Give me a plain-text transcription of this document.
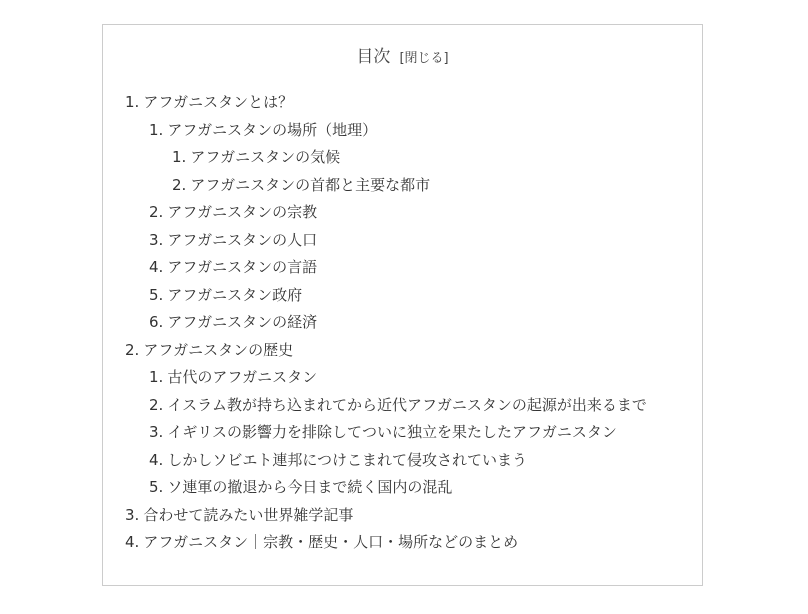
目次 [閉じる]
1. アフガニスタンとは？
1. アフガニスタンの場所（地理）
1. アフガニスタンの気候
2. アフガニスタンの首都と主要な都市
2. アフガニスタンの宗教
3. アフガニスタンの人口
4. アフガニスタンの言語
5. アフガニスタン政府
6. アフガニスタンの経済
2. アフガニスタンの歴史
1. 古代のアフガニスタン
2. イスラム教が持ち込まれてから近代アフガニスタンの起源が出来るまで
3. イギリスの影響力を排除してついに独立を果たしたアフガニスタン
4. しかしソビエト連邦につけこまれて侵攻されていまう
5. ソ連軍の撤退から今日まで続く国内の混乱
3. 合わせて読みたい世界雑学記事
4. アフガニスタン｜宗教・歴史・人口・場所などのまとめ
